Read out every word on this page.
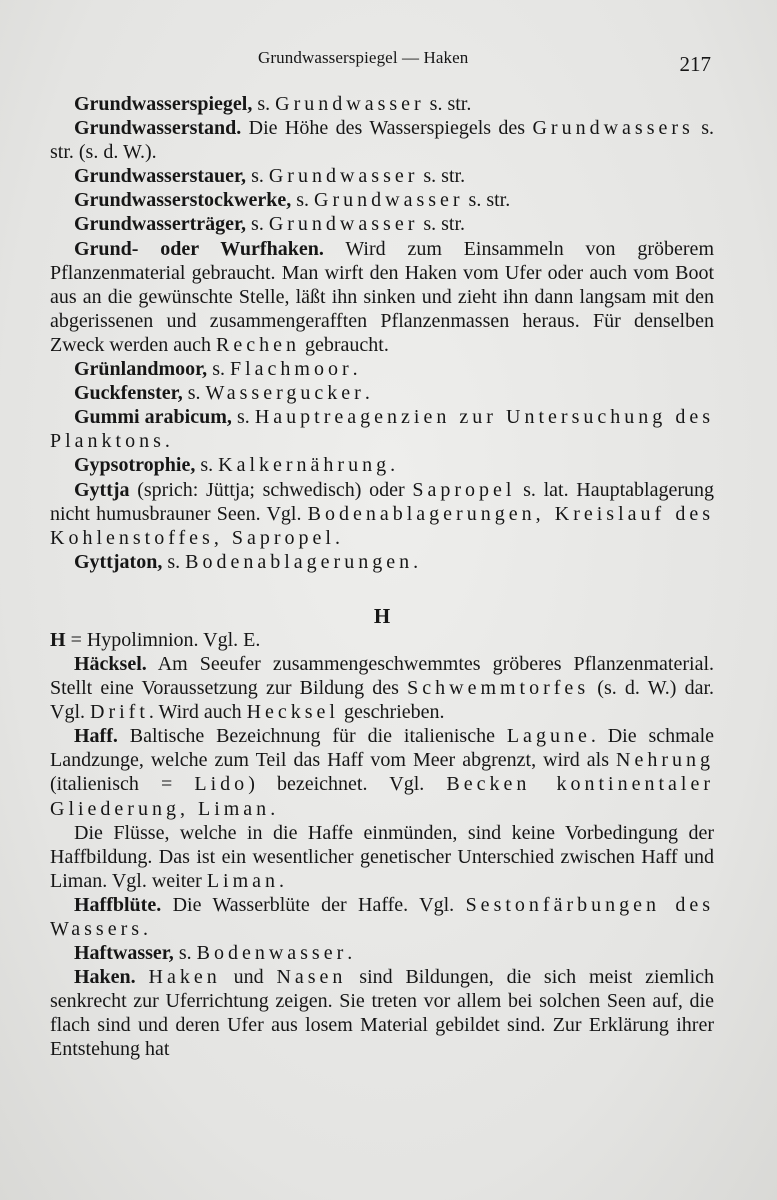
Grundwasserspiegel — Haken	217

Grundwasserspiegel, s. Grundwasser s. str.

Grundwasserstand. Die Höhe des Wasserspiegels des Grundwassers s. str. (s. d. W.).

Grundwasserstauer, s. Grundwasser s. str.

Grundwasserstockwerke, s. Grundwasser s. str.

Grundwasserträger, s. Grundwasser s. str.

Grund- oder Wurfhaken. Wird zum Einsammeln von gröberem Pflanzenmaterial gebraucht. Man wirft den Haken vom Ufer oder auch vom Boot aus an die gewünschte Stelle, läßt ihn sinken und zieht ihn dann langsam mit den abgerissenen und zusammengerafften Pflanzenmassen heraus. Für denselben Zweck werden auch Rechen gebraucht.

Grünlandmoor, s. Flachmoor.

Guckfenster, s. Wassergucker.

Gummi arabicum, s. Hauptreagenzien zur Untersuchung des Planktons.

Gypsotrophie, s. Kalkernährung.

Gyttja (sprich: Jüttja; schwedisch) oder Sapropel s. lat. Hauptablagerung nicht humusbrauner Seen. Vgl. Bodenablagerungen, Kreislauf des Kohlenstoffes, Sapropel.

Gyttjaton, s. Bodenablagerungen.

H

H = Hypolimnion. Vgl. E.

Häcksel. Am Seeufer zusammengeschwemmtes gröberes Pflanzenmaterial. Stellt eine Voraussetzung zur Bildung des Schwemmtorfes (s. d. W.) dar. Vgl. Drift. Wird auch Hecksel geschrieben.

Haff. Baltische Bezeichnung für die italienische Lagune. Die schmale Landzunge, welche zum Teil das Haff vom Meer abgrenzt, wird als Nehrung (italienisch = Lido) bezeichnet. Vgl. Becken kontinentaler Gliederung, Liman.

Die Flüsse, welche in die Haffe einmünden, sind keine Vorbedingung der Haffbildung. Das ist ein wesentlicher genetischer Unterschied zwischen Haff und Liman. Vgl. weiter Liman.

Haffblüte. Die Wasserblüte der Haffe. Vgl. Sestonfärbungen des Wassers.

Haftwasser, s. Bodenwasser.

Haken. Haken und Nasen sind Bildungen, die sich meist ziemlich senkrecht zur Uferrichtung zeigen. Sie treten vor allem bei solchen Seen auf, die flach sind und deren Ufer aus losem Material gebildet sind. Zur Erklärung ihrer Entstehung hat
